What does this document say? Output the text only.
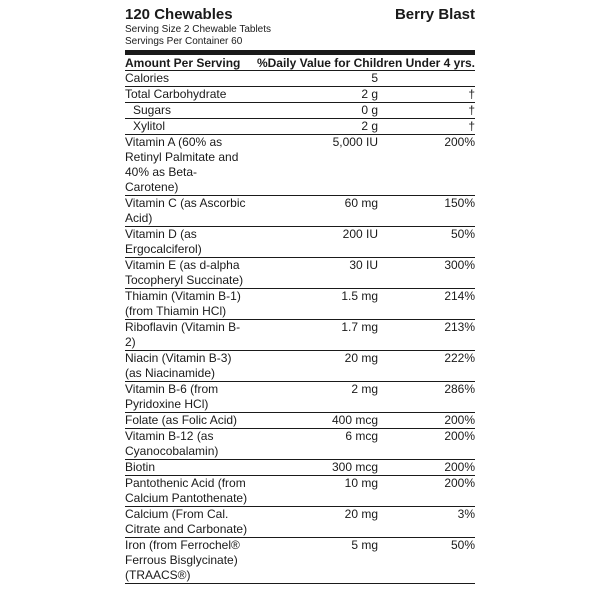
120 Chewables	Berry Blast
Serving Size 2 Chewable Tablets
Servings Per Container 60
Amount Per Serving	%Daily Value for Children Under 4 yrs.	
Calories	5	
Total Carbohydrate	2 g	†
Sugars	0 g	†
Xylitol	2 g	†
Vitamin A (60% as Retinyl Palmitate and 40% as Beta-Carotene)	5,000 IU	200%
Vitamin C (as Ascorbic Acid)	60 mg	150%
Vitamin D (as Ergocalciferol)	200 IU	50%
Vitamin E (as d-alpha Tocopheryl Succinate)	30 IU	300%
Thiamin (Vitamin B-1) (from Thiamin HCl)	1.5 mg	214%
Riboflavin (Vitamin B-2)	1.7 mg	213%
Niacin (Vitamin B-3) (as Niacinamide)	20 mg	222%
Vitamin B-6 (from Pyridoxine HCl)	2 mg	286%
Folate (as Folic Acid)	400 mcg	200%
Vitamin B-12 (as Cyanocobalamin)	6 mcg	200%
Biotin	300 mcg	200%
Pantothenic Acid (from Calcium Pantothenate)	10 mg	200%
Calcium (From Cal. Citrate and Carbonate)	20 mg	3%
Iron (from Ferrochel® Ferrous Bisglycinate) (TRAACS®)	5 mg	50%
